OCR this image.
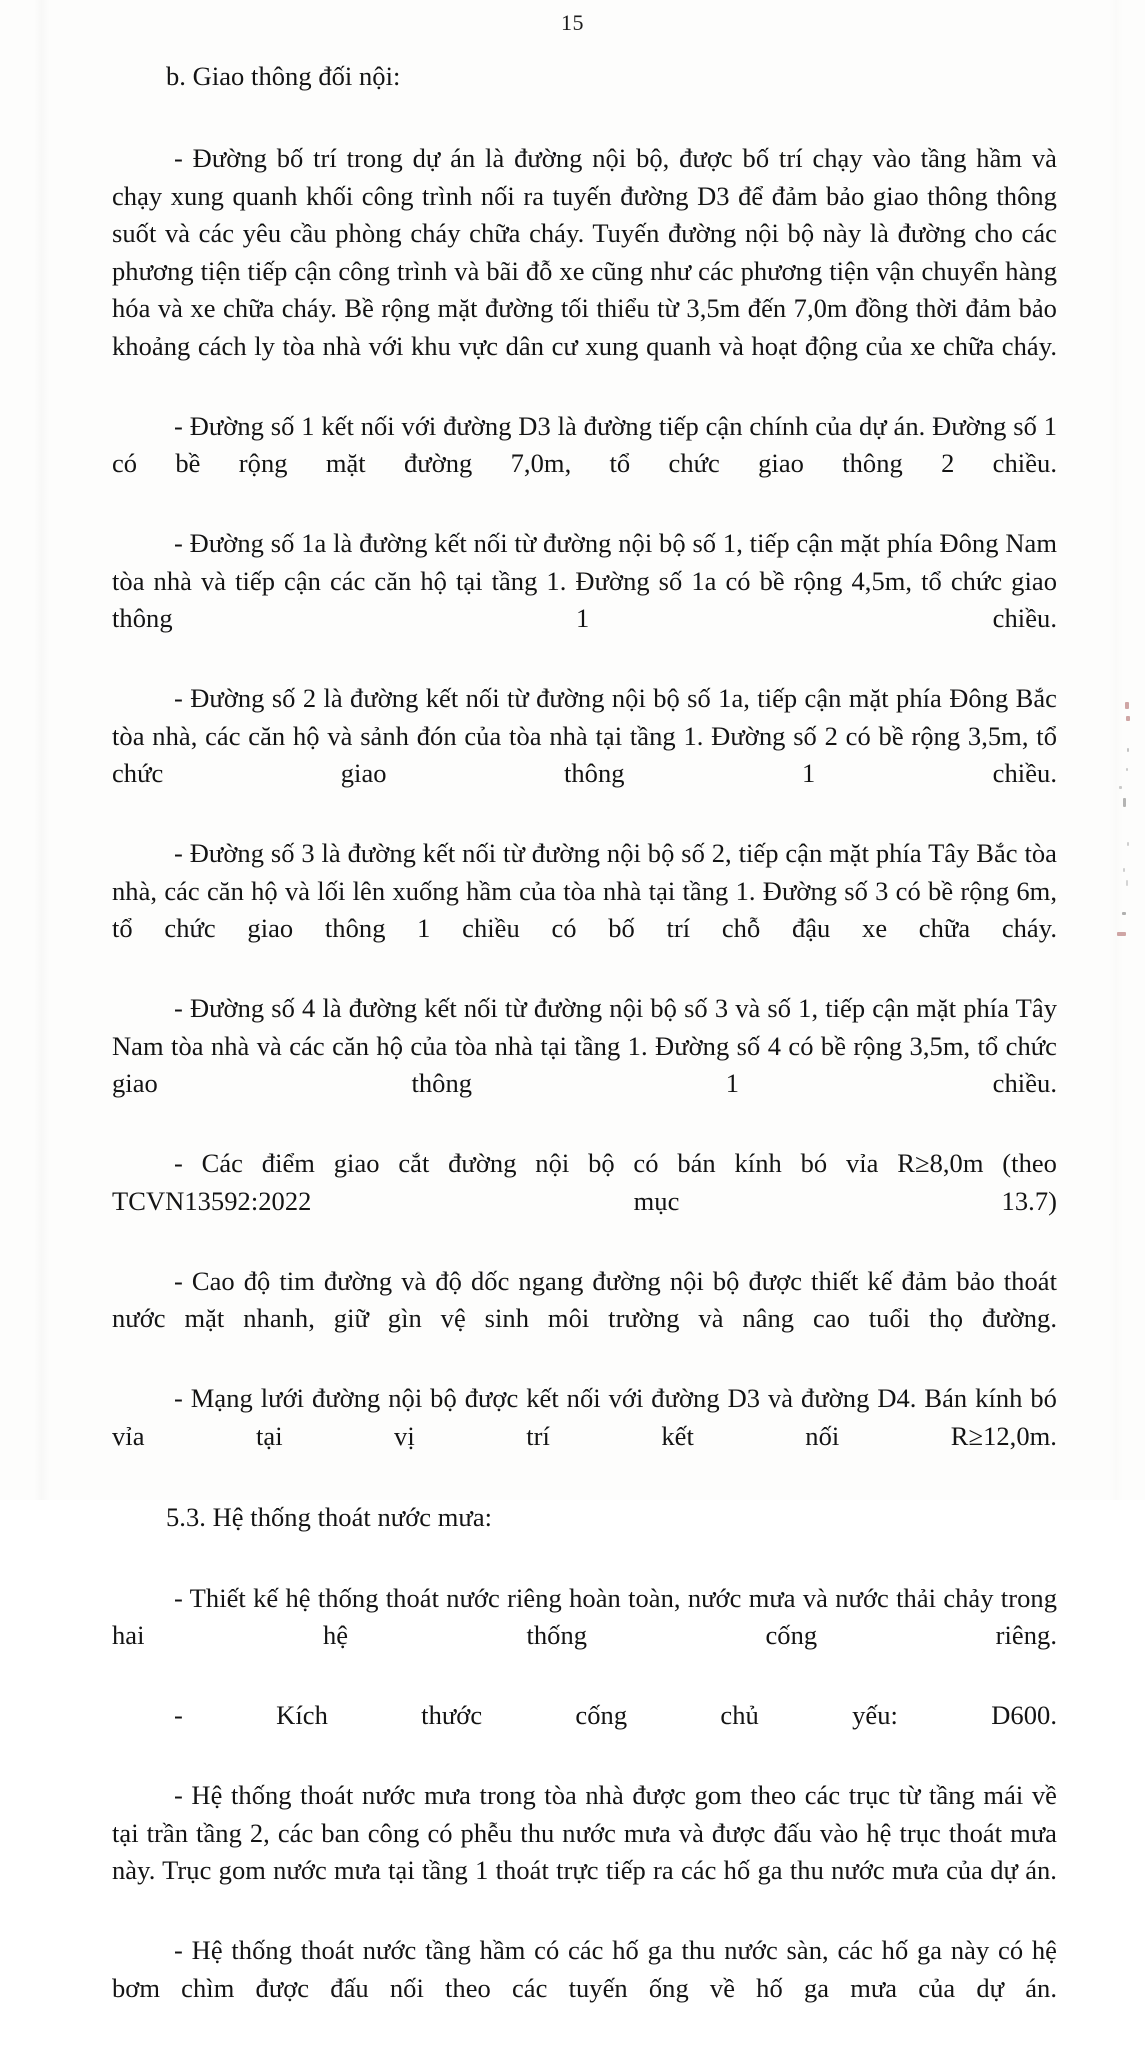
15

b. Giao thông đối nội:

- Đường bố trí trong dự án là đường nội bộ, được bố trí chạy vào tầng hầm và chạy xung quanh khối công trình nối ra tuyến đường D3 để đảm bảo giao thông thông suốt và các yêu cầu phòng cháy chữa cháy. Tuyến đường nội bộ này là đường cho các phương tiện tiếp cận công trình và bãi đỗ xe cũng như các phương tiện vận chuyển hàng hóa và xe chữa cháy. Bề rộng mặt đường tối thiểu từ 3,5m đến 7,0m đồng thời đảm bảo khoảng cách ly tòa nhà với khu vực dân cư xung quanh và hoạt động của xe chữa cháy.

- Đường số 1 kết nối với đường D3 là đường tiếp cận chính của dự án. Đường số 1 có bề rộng mặt đường 7,0m, tổ chức giao thông 2 chiều.

- Đường số 1a là đường kết nối từ đường nội bộ số 1, tiếp cận mặt phía Đông Nam tòa nhà và tiếp cận các căn hộ tại tầng 1. Đường số 1a có bề rộng 4,5m, tổ chức giao thông 1 chiều.

- Đường số 2 là đường kết nối từ đường nội bộ số 1a, tiếp cận mặt phía Đông Bắc tòa nhà, các căn hộ và sảnh đón của tòa nhà tại tầng 1. Đường số 2 có bề rộng 3,5m, tổ chức giao thông 1 chiều.

- Đường số 3 là đường kết nối từ đường nội bộ số 2, tiếp cận mặt phía Tây Bắc tòa nhà, các căn hộ và lối lên xuống hầm của tòa nhà tại tầng 1. Đường số 3 có bề rộng 6m, tổ chức giao thông 1 chiều có bố trí chỗ đậu xe chữa cháy.

- Đường số 4 là đường kết nối từ đường nội bộ số 3 và số 1, tiếp cận mặt phía Tây Nam tòa nhà và các căn hộ của tòa nhà tại tầng 1. Đường số 4 có bề rộng 3,5m, tổ chức giao thông 1 chiều.

- Các điểm giao cắt đường nội bộ có bán kính bó vỉa R≥8,0m (theo TCVN13592:2022 mục 13.7)

- Cao độ tim đường và độ dốc ngang đường nội bộ được thiết kế đảm bảo thoát nước mặt nhanh, giữ gìn vệ sinh môi trường và nâng cao tuổi thọ đường.

- Mạng lưới đường nội bộ được kết nối với đường D3 và đường D4. Bán kính bó vỉa tại vị trí kết nối R≥12,0m.

5.3. Hệ thống thoát nước mưa:

- Thiết kế hệ thống thoát nước riêng hoàn toàn, nước mưa và nước thải chảy trong hai hệ thống cống riêng.

- Kích thước cống chủ yếu: D600.

- Hệ thống thoát nước mưa trong tòa nhà được gom theo các trục từ tầng mái về tại trần tầng 2, các ban công có phễu thu nước mưa và được đấu vào hệ trục thoát mưa này. Trục gom nước mưa tại tầng 1 thoát trực tiếp ra các hố ga thu nước mưa của dự án.

- Hệ thống thoát nước tầng hầm có các hố ga thu nước sàn, các hố ga này có hệ bơm chìm được đấu nối theo các tuyến ống về hố ga mưa của dự án.
